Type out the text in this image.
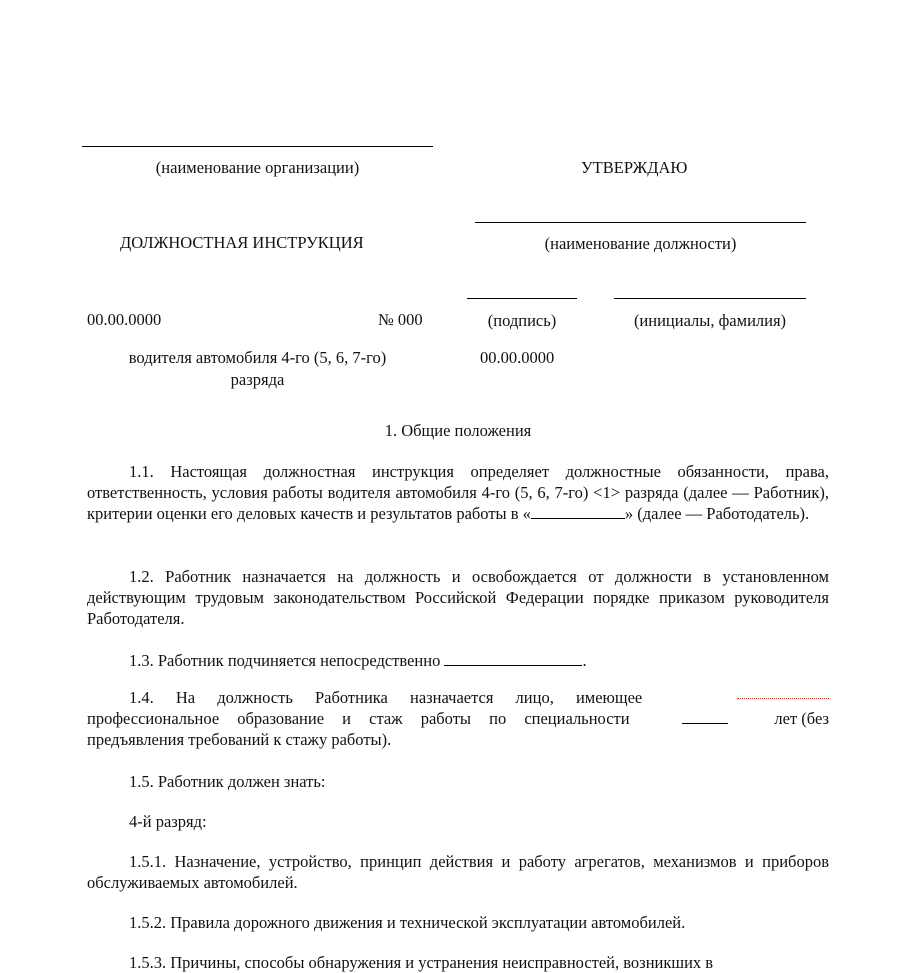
(наименование организации)	УТВЕРЖДАЮ
ДОЛЖНОСТНАЯ ИНСТРУКЦИЯ	(наименование должности)
00.00.0000	№ 000	(подпись)	(инициалы, фамилия)
водителя автомобиля 4-го (5, 6, 7-го)
разряда
00.00.0000
1. Общие положения
1.1. Настоящая должностная инструкция определяет должностные обязанности, права, ответственность, условия работы водителя автомобиля 4-го (5, 6, 7-го) <1> разряда (далее — Работник), критерии оценки его деловых качеств и результатов работы в «	» (далее — Работодатель).
1.2. Работник назначается на должность и освобождается от должности в установленном действующим трудовым законодательством Российской Федерации порядке приказом руководителя Работодателя.
1.3. Работник подчиняется непосредственно	.
1.4. На должность Работника назначается лицо, имеющее
профессиональное образование и стаж работы по специальности	лет (без
предъявления требований к стажу работы).
1.5. Работник должен знать:
4-й разряд:
1.5.1. Назначение, устройство, принцип действия и работу агрегатов, механизмов и приборов обслуживаемых автомобилей.
1.5.2. Правила дорожного движения и технической эксплуатации автомобилей.
1.5.3. Причины, способы обнаружения и устранения неисправностей, возникших в
